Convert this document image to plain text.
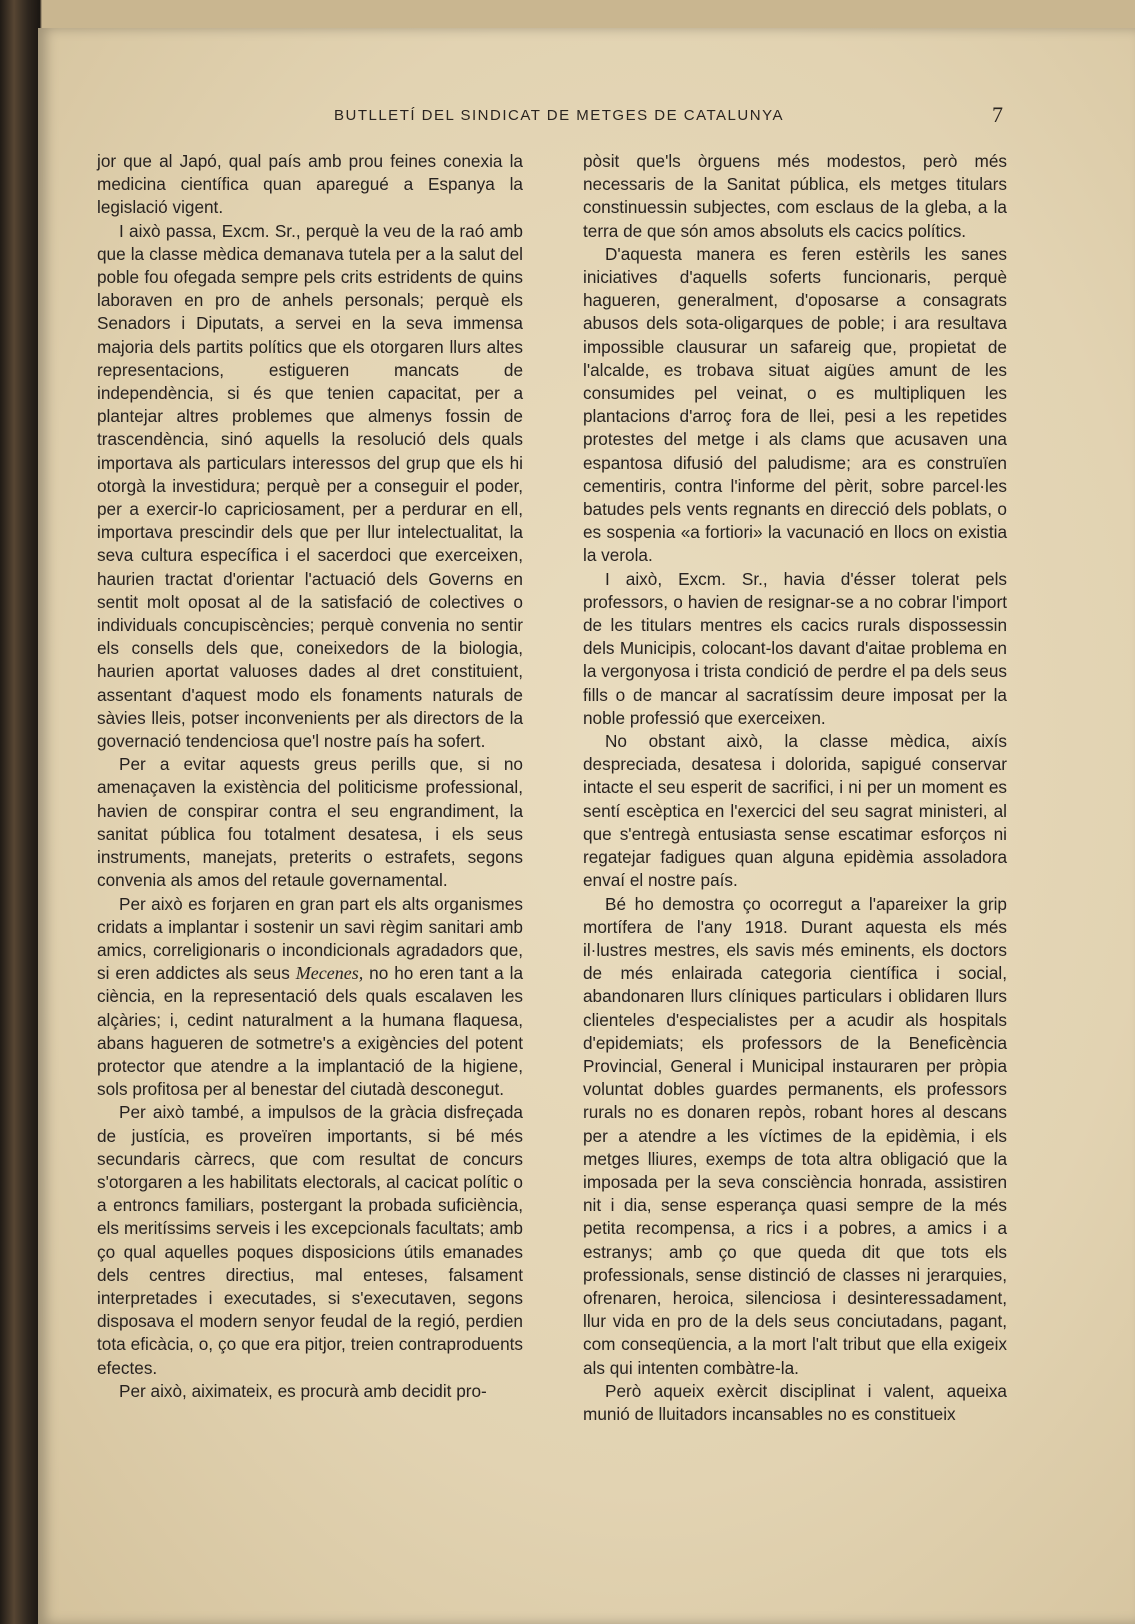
BUTLLETÍ DEL SINDICAT DE METGES DE CATALUNYA	7

jor que al Japó, qual país amb prou feines conexia la medicina científica quan aparegué a Espanya la legislació vigent.

I això passa, Excm. Sr., perquè la veu de la raó amb que la classe mèdica demanava tutela per a la salut del poble fou ofegada sempre pels crits estridents de quins laboraven en pro de anhels personals; perquè els Senadors i Diputats, a servei en la seva immensa majoria dels partits polítics que els otorgaren llurs altes representacions, estigueren mancats de independència, si és que tenien capacitat, per a plantejar altres problemes que almenys fossin de trascendència, sinó aquells la resolució dels quals importava als particulars interessos del grup que els hi otorgà la investidura; perquè per a conseguir el poder, per a exercir-lo capriciosament, per a perdurar en ell, importava prescindir dels que per llur intelectualitat, la seva cultura específica i el sacerdoci que exerceixen, haurien tractat d'orientar l'actuació dels Governs en sentit molt oposat al de la satisfació de colectives o individuals concupiscències; perquè convenia no sentir els consells dels que, coneixedors de la biologia, haurien aportat valuoses dades al dret constituient, assentant d'aquest modo els fonaments naturals de sàvies lleis, potser inconvenients per als directors de la governació tendenciosa que'l nostre país ha sofert.

Per a evitar aquests greus perills que, si no amenaçaven la existència del politicisme professional, havien de conspirar contra el seu engrandiment, la sanitat pública fou totalment desatesa, i els seus instruments, manejats, preterits o estrafets, segons convenia als amos del retaule governamental.

Per això es forjaren en gran part els alts organismes cridats a implantar i sostenir un savi règim sanitari amb amics, correligionaris o incondicionals agradadors que, si eren addictes als seus Mecenes, no ho eren tant a la ciència, en la representació dels quals escalaven les alçàries; i, cedint naturalment a la humana flaquesa, abans hagueren de sotmetre's a exigències del potent protector que atendre a la implantació de la higiene, sols profitosa per al benestar del ciutadà desconegut.

Per això també, a impulsos de la gràcia disfreçada de justícia, es proveïren importants, si bé més secundaris càrrecs, que com resultat de concurs s'otorgaren a les habilitats electorals, al cacicat polític o a entroncs familiars, postergant la probada suficiència, els meritíssims serveis i les excepcionals facultats; amb ço qual aquelles poques disposicions útils emanades dels centres directius, mal enteses, falsament interpretades i executades, si s'executaven, segons disposava el modern senyor feudal de la regió, perdien tota eficàcia, o, ço que era pitjor, treien contraproduents efectes.

Per això, aiximateix, es procurà amb decidit pro-

pòsit que'ls òrguens més modestos, però més necessaris de la Sanitat pública, els metges titulars constinuessin subjectes, com esclaus de la gleba, a la terra de que són amos absoluts els cacics polítics.

D'aquesta manera es feren estèrils les sanes iniciatives d'aquells soferts funcionaris, perquè hagueren, generalment, d'oposarse a consagrats abusos dels sota-oligarques de poble; i ara resultava impossible clausurar un safareig que, propietat de l'alcalde, es trobava situat aigües amunt de les consumides pel veinat, o es multipliquen les plantacions d'arroç fora de llei, pesi a les repetides protestes del metge i als clams que acusaven una espantosa difusió del paludisme; ara es construïen cementiris, contra l'informe del pèrit, sobre parcel·les batudes pels vents regnants en direcció dels poblats, o es sospenia «a fortiori» la vacunació en llocs on existia la verola.

I això, Excm. Sr., havia d'ésser tolerat pels professors, o havien de resignar-se a no cobrar l'import de les titulars mentres els cacics rurals dispossessin dels Municipis, colocant-los davant d'aitae problema en la vergonyosa i trista condició de perdre el pa dels seus fills o de mancar al sacratíssim deure imposat per la noble professió que exerceixen.

No obstant això, la classe mèdica, aixís despreciada, desatesa i dolorida, sapigué conservar intacte el seu esperit de sacrifici, i ni per un moment es sentí escèptica en l'exercici del seu sagrat ministeri, al que s'entregà entusiasta sense escatimar esforços ni regatejar fadigues quan alguna epidèmia assoladora envaí el nostre país.

Bé ho demostra ço ocorregut a l'apareixer la grip mortífera de l'any 1918. Durant aquesta els més il·lustres mestres, els savis més eminents, els doctors de més enlairada categoria científica i social, abandonaren llurs clíniques particulars i oblidaren llurs clienteles d'especialistes per a acudir als hospitals d'epidemiats; els professors de la Beneficència Provincial, General i Municipal instauraren per pròpia voluntat dobles guardes permanents, els professors rurals no es donaren repòs, robant hores al descans per a atendre a les víctimes de la epidèmia, i els metges lliures, exemps de tota altra obligació que la imposada per la seva consciència honrada, assistiren nit i dia, sense esperança quasi sempre de la més petita recompensa, a rics i a pobres, a amics i a estranys; amb ço que queda dit que tots els professionals, sense distinció de classes ni jerarquies, ofrenaren, heroica, silenciosa i desinteressadament, llur vida en pro de la dels seus conciutadans, pagant, com conseqüencia, a la mort l'alt tribut que ella exigeix als qui intenten combàtre-la.

Però aqueix exèrcit disciplinat i valent, aqueixa munió de lluitadors incansables no es constitueix
